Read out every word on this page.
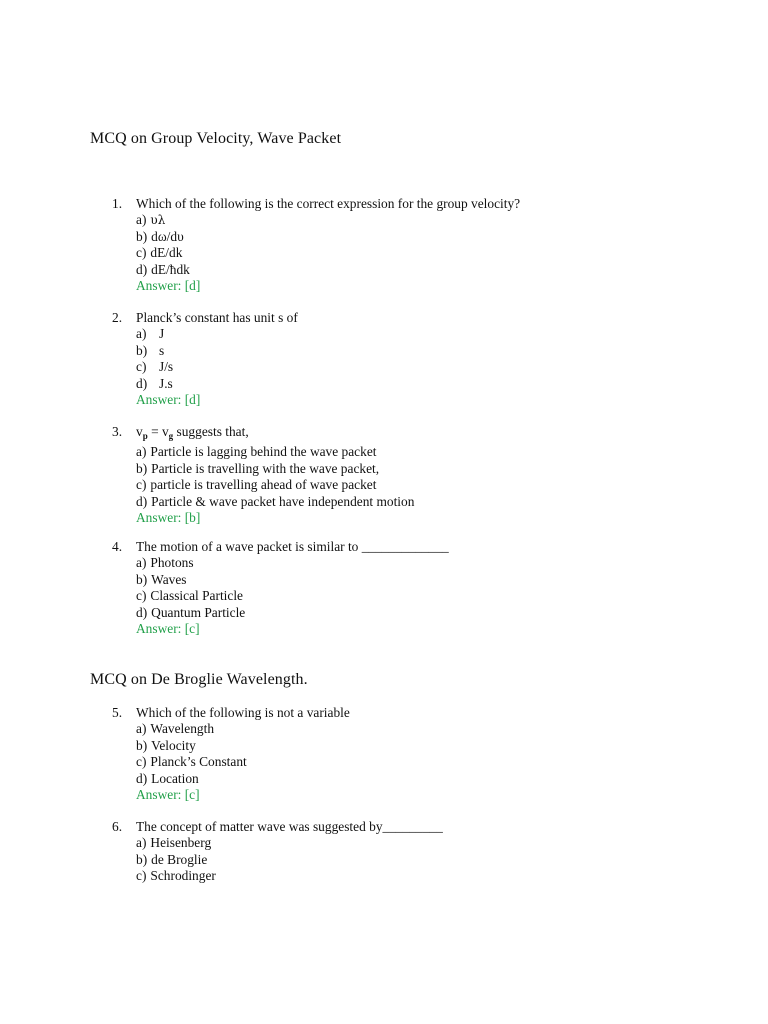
MCQ on Group Velocity, Wave Packet
1.	Which of the following is the correct expression for the group velocity?
a) υλ
b) dω/dυ
c) dE/dk
d) dE/ħdk
Answer: [d]
2.	Planck’s constant has unit s of
a) J
b) s
c) J/s
d) J.s
Answer: [d]
3.	$v_p = v_g$ suggests that,
a) Particle is lagging behind the wave packet
b) Particle is travelling with the wave packet,
c) particle is travelling ahead of wave packet
d) Particle & wave packet have independent motion
Answer: [b]
4.	The motion of a wave packet is similar to _____________
a) Photons
b) Waves
c) Classical Particle
d) Quantum Particle
Answer: [c]
MCQ on De Broglie Wavelength.
5.	Which of the following is not a variable
a) Wavelength
b) Velocity
c) Planck’s Constant
d) Location
Answer: [c]
6.	The concept of matter wave was suggested by_________
a) Heisenberg
b) de Broglie
c) Schrodinger
